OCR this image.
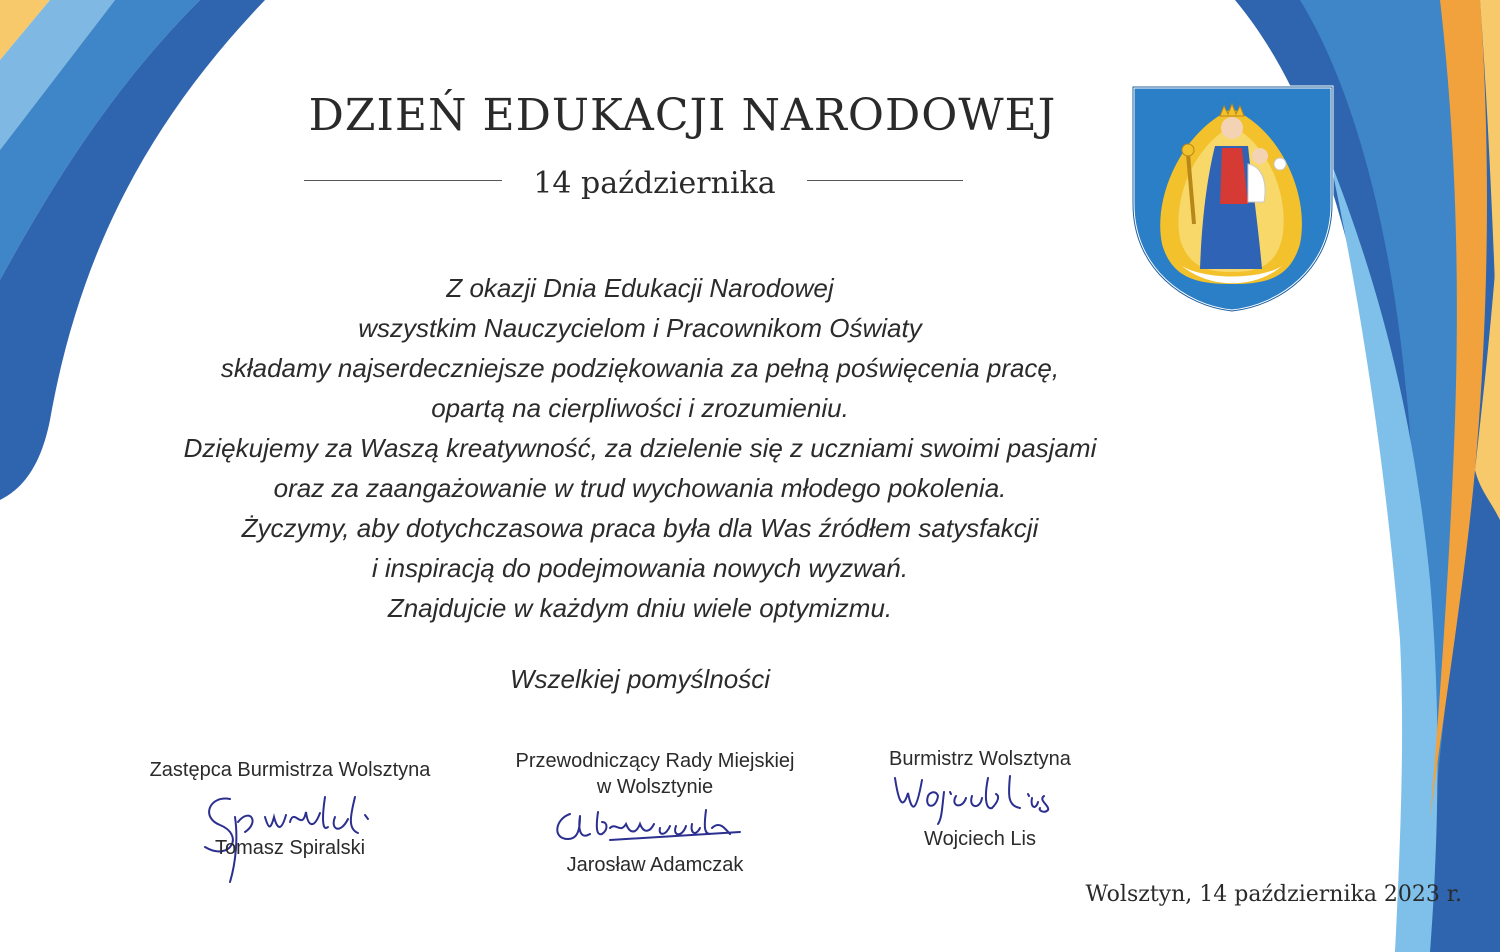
DZIEŃ EDUKACJI NARODOWEJ
14 października

Z okazji Dnia Edukacji Narodowej

wszystkim Nauczycielom i Pracownikom Oświaty

składamy najserdeczniejsze podziękowania za pełną poświęcenia pracę,

opartą na cierpliwości i zrozumieniu.

Dziękujemy za Waszą kreatywność, za dzielenie się z uczniami swoimi pasjami

oraz za zaangażowanie w trud wychowania młodego pokolenia.

Życzymy, aby dotychczasowa praca była dla Was źródłem satysfakcji

i inspiracją do podejmowania nowych wyzwań.

Znajdujcie w każdym dniu wiele optymizmu.

Wszelkiej pomyślności
Zastępca Burmistrza Wolsztyna
Tomasz Spiralski
Przewodniczący Rady Miejskiej
w Wolsztynie
Jarosław Adamczak
Burmistrz Wolsztyna
Wojciech Lis
Wolsztyn, 14 października 2023 r.
